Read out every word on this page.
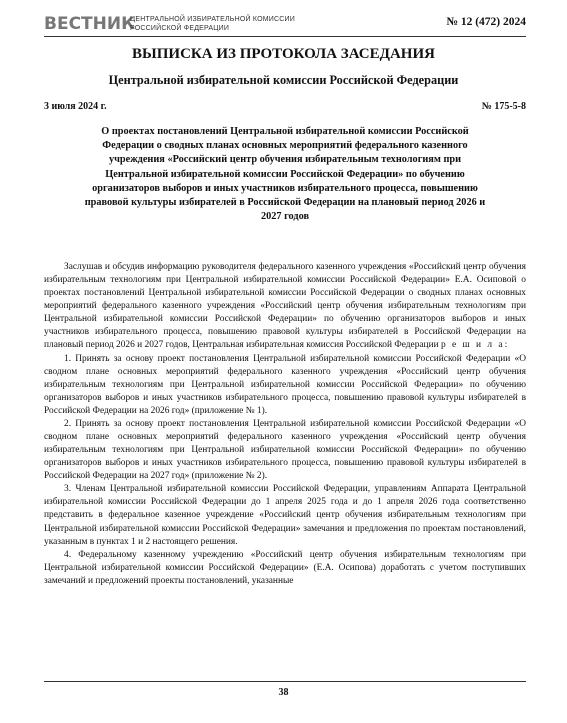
ВЕСТНИК
ЦЕНТРАЛЬНОЙ ИЗБИРАТЕЛЬНОЙ КОМИССИИ
РОССИЙСКОЙ ФЕДЕРАЦИИ
№ 12 (472) 2024
ВЫПИСКА ИЗ ПРОТОКОЛА ЗАСЕДАНИЯ
Центральной избирательной комиссии Российской Федерации
3 июля 2024 г.	№ 175-5-8
О проектах постановлений Центральной избирательной комиссии Российской Федерации о сводных планах основных мероприятий федерального казенного учреждения «Российский центр обучения избирательным технологиям при Центральной избирательной комиссии Российской Федерации» по обучению организаторов выборов и иных участников избирательного процесса, повышению правовой культуры избирателей в Российской Федерации на плановый период 2026 и 2027 годов

Заслушав и обсудив информацию руководителя федерального казенного учреждения «Российский центр обучения избирательным технологиям при Центральной избирательной комиссии Российской Федерации» Е.А. Осиповой о проектах постановлений Центральной избирательной комиссии Российской Федерации о сводных планах основных мероприятий федерального казенного учреждения «Российский центр обучения избирательным технологиям при Центральной избирательной комиссии Российской Федерации» по обучению организаторов выборов и иных участников избирательного процесса, повышению правовой культуры избирателей в Российской Федерации на плановый период 2026 и 2027 годов, Центральная избирательная комиссия Российской Федерации р е ш и л а:

1. Принять за основу проект постановления Центральной избирательной комиссии Российской Федерации «О сводном плане основных мероприятий федерального казенного учреждения «Российский центр обучения избирательным технологиям при Центральной избирательной комиссии Российской Федерации» по обучению организаторов выборов и иных участников избирательного процесса, повышению правовой культуры избирателей в Российской Федерации на 2026 год» (приложение № 1).

2. Принять за основу проект постановления Центральной избирательной комиссии Российской Федерации «О сводном плане основных мероприятий федерального казенного учреждения «Российский центр обучения избирательным технологиям при Центральной избирательной комиссии Российской Федерации» по обучению организаторов выборов и иных участников избирательного процесса, повышению правовой культуры избирателей в Российской Федерации на 2027 год» (приложение № 2).

3. Членам Центральной избирательной комиссии Российской Федерации, управлениям Аппарата Центральной избирательной комиссии Российской Федерации до 1 апреля 2025 года и до 1 апреля 2026 года соответственно представить в федеральное казенное учреждение «Российский центр обучения избирательным технологиям при Центральной избирательной комиссии Российской Федерации» замечания и предложения по проектам постановлений, указанным в пунктах 1 и 2 настоящего решения.

4. Федеральному казенному учреждению «Российский центр обучения избирательным технологиям при Центральной избирательной комиссии Российской Федерации» (Е.А. Осипова) доработать с учетом поступивших замечаний и предложений проекты постановлений, указанные

38
